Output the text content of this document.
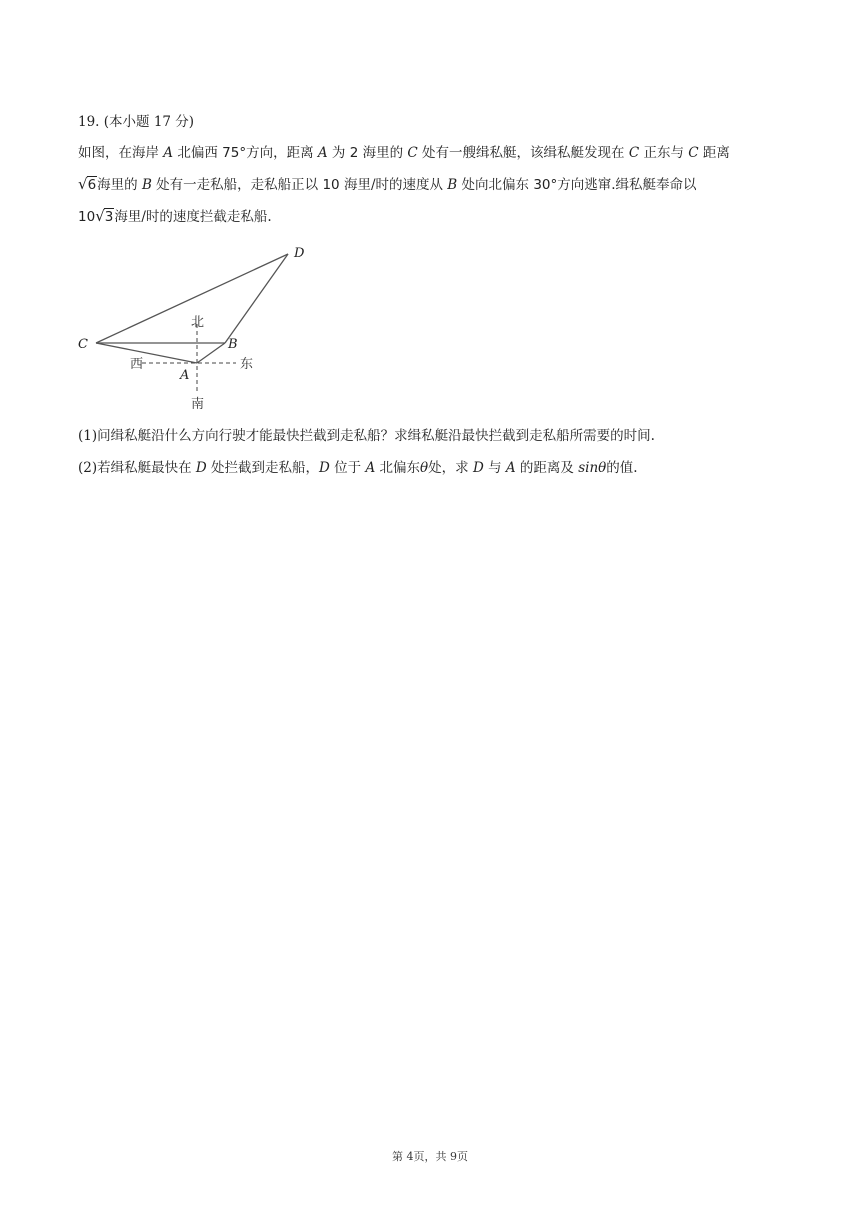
19. (本小题 17 分)
如图，在海岸 A 北偏西 75°方向，距离 A 为 2 海里的 C 处有一艘缉私艇，该缉私艇发现在 C 正东与 C 距离
√6海里的 B 处有一走私船，走私船正以 10 海里/时的速度从 B 处向北偏东 30°方向逃窜.缉私艇奉命以
10√3海里/时的速度拦截走私船.
C	B
A
D
北
南
西	东
(1)问缉私艇沿什么方向行驶才能最快拦截到走私船？求缉私艇沿最快拦截到走私船所需要的时间.
(2)若缉私艇最快在 D 处拦截到走私船，D 位于 A 北偏东θ处，求 D 与 A 的距离及 sinθ的值.
第 4页，共 9页
